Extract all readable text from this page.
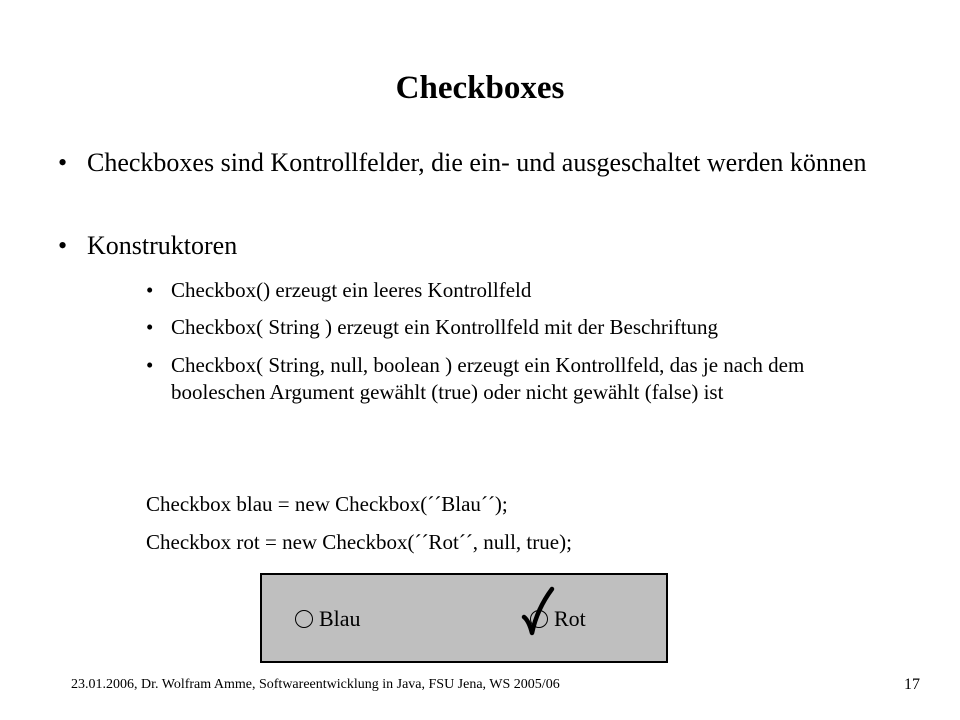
Checkboxes
• Checkboxes sind Kontrollfelder, die ein- und ausgeschaltet werden können
• Konstruktoren
• Checkbox() erzeugt ein leeres Kontrollfeld
• Checkbox( String ) erzeugt ein Kontrollfeld mit der Beschriftung
• Checkbox( String, null, boolean ) erzeugt ein Kontrollfeld, das je nach dem booleschen Argument gewählt (true) oder nicht gewählt (false) ist
Checkbox blau = new Checkbox(´´Blau´´);
Checkbox rot = new Checkbox(´´Rot´´, null, true);
Blau	Rot
23.01.2006, Dr. Wolfram Amme, Softwareentwicklung in Java, FSU Jena, WS 2005/06	17
